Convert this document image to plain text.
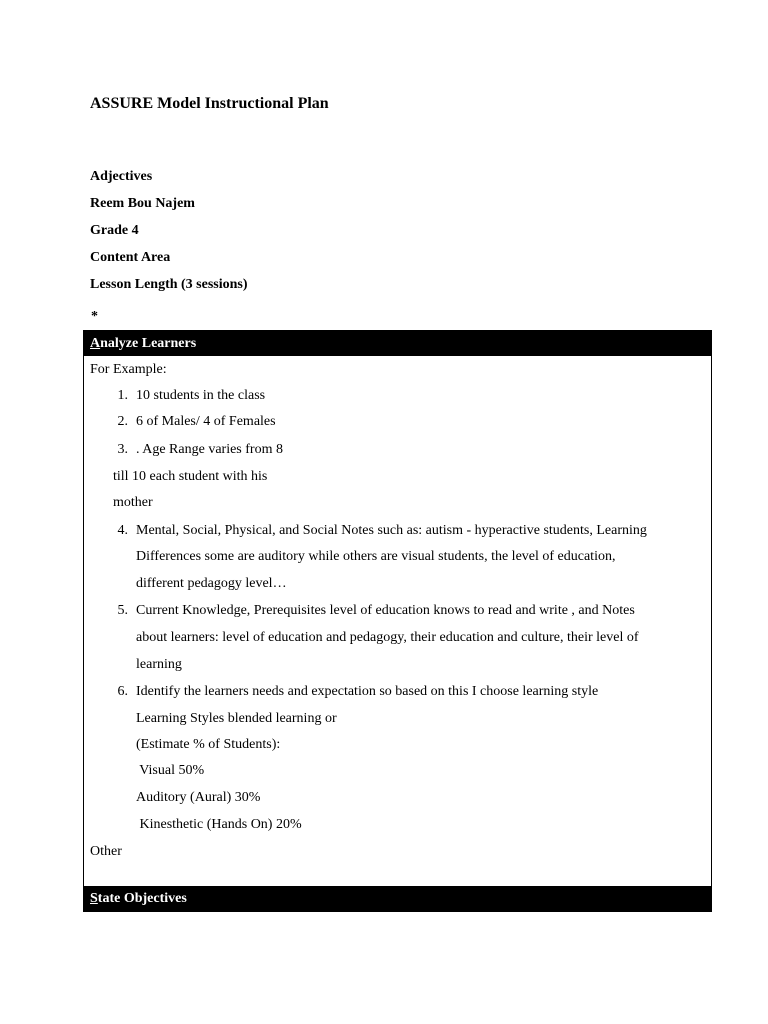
ASSURE Model Instructional Plan
Adjectives
Reem Bou Najem
Grade 4
Content Area
Lesson Length (3 sessions)
*
Analyze Learners
For Example:
1. 10 students in the class
2. 6 of Males/ 4 of Females
3. . Age Range varies from 8
till 10 each student with his
mother
4. Mental, Social, Physical, and Social Notes such as: autism - hyperactive students, Learning
Differences some are auditory while others are visual students, the level of education,
different pedagogy level…
5. Current Knowledge, Prerequisites level of education knows to read and write , and Notes
about learners: level of education and pedagogy, their education and culture, their level of
learning
6. Identify the learners needs and expectation so based on this I choose learning style
Learning Styles blended learning or
(Estimate % of Students):
Visual 50%
Auditory (Aural) 30%
Kinesthetic (Hands On) 20%
Other
State Objectives
